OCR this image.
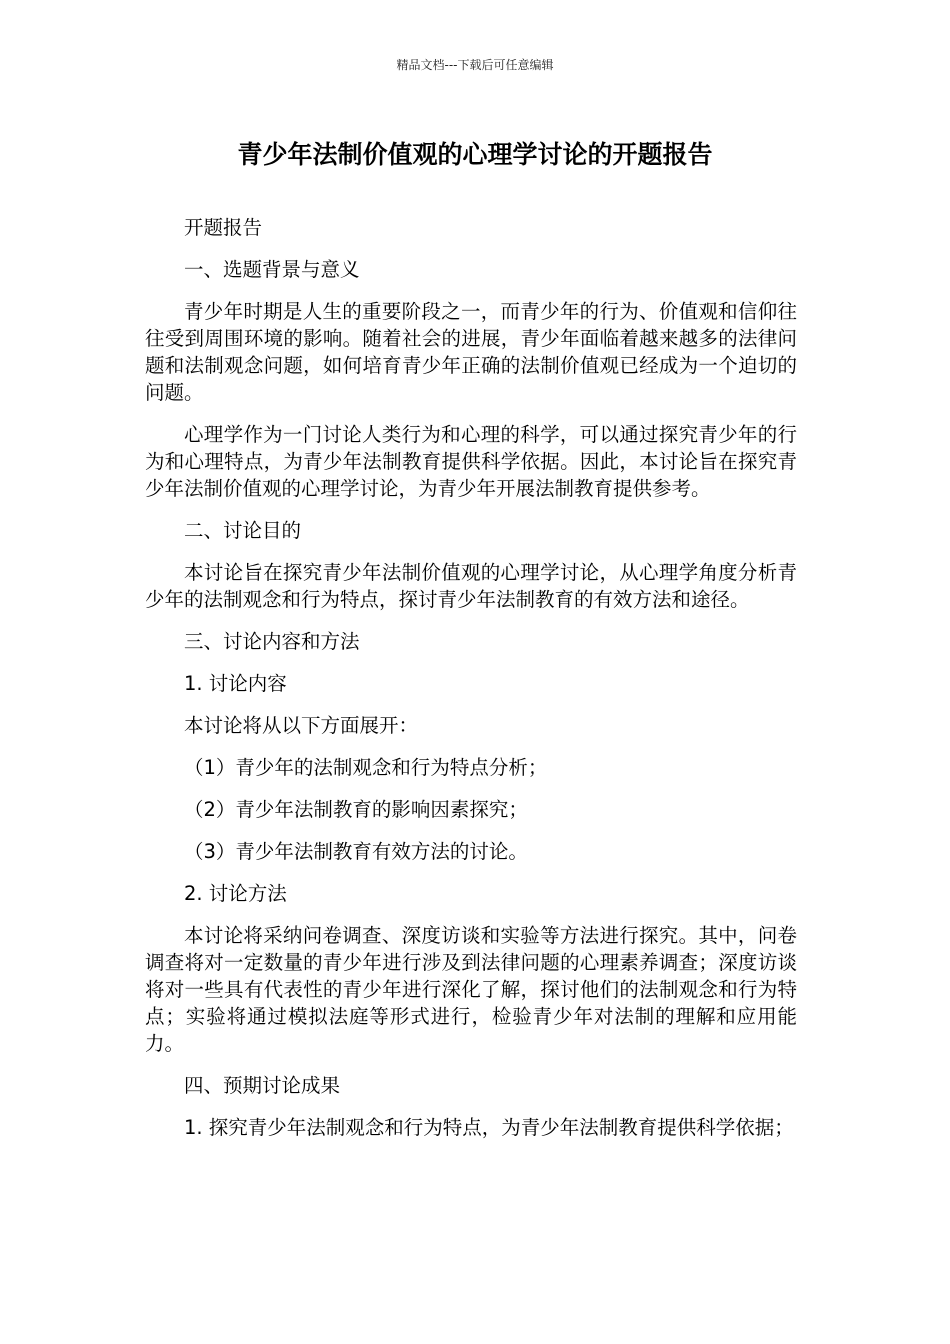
精品文档---下载后可任意编辑
青少年法制价值观的心理学讨论的开题报告

开题报告

一、选题背景与意义

青少年时期是人生的重要阶段之一，而青少年的行为、价值观和信仰往往受到周围环境的影响。随着社会的进展，青少年面临着越来越多的法律问题和法制观念问题，如何培育青少年正确的法制价值观已经成为一个迫切的问题。

心理学作为一门讨论人类行为和心理的科学，可以通过探究青少年的行为和心理特点，为青少年法制教育提供科学依据。因此，本讨论旨在探究青少年法制价值观的心理学讨论，为青少年开展法制教育提供参考。

二、讨论目的

本讨论旨在探究青少年法制价值观的心理学讨论，从心理学角度分析青少年的法制观念和行为特点，探讨青少年法制教育的有效方法和途径。

三、讨论内容和方法

1. 讨论内容

本讨论将从以下方面展开：

（1）青少年的法制观念和行为特点分析；

（2）青少年法制教育的影响因素探究；

（3）青少年法制教育有效方法的讨论。

2. 讨论方法

本讨论将采纳问卷调查、深度访谈和实验等方法进行探究。其中，问卷调查将对一定数量的青少年进行涉及到法律问题的心理素养调查；深度访谈将对一些具有代表性的青少年进行深化了解，探讨他们的法制观念和行为特点；实验将通过模拟法庭等形式进行，检验青少年对法制的理解和应用能力。

四、预期讨论成果

1. 探究青少年法制观念和行为特点，为青少年法制教育提供科学依据；
